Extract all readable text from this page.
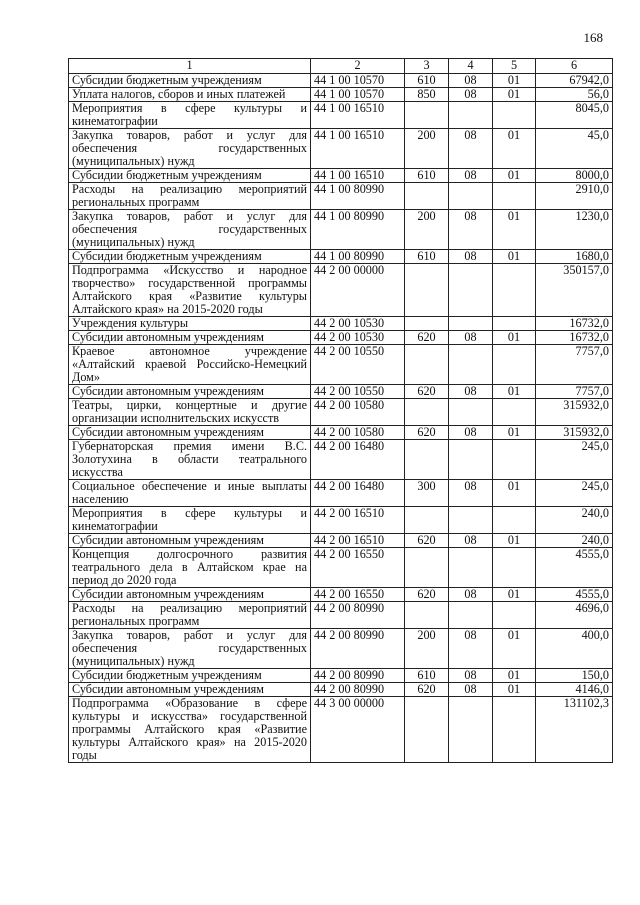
168
1	2	3	4	5	6
Субсидии бюджетным учреждениям	44 1 00 10570	610	08	01	67942,0
Уплата налогов, сборов и иных платежей	44 1 00 10570	850	08	01	56,0
Мероприятия в сфере культуры и кинематографии	44 1 00 16510				8045,0
Закупка товаров, работ и услуг для обеспечения государственных (муниципальных) нужд	44 1 00 16510	200	08	01	45,0
Субсидии бюджетным учреждениям	44 1 00 16510	610	08	01	8000,0
Расходы на реализацию мероприятий региональных программ	44 1 00 80990				2910,0
Закупка товаров, работ и услуг для обеспечения государственных (муниципальных) нужд	44 1 00 80990	200	08	01	1230,0
Субсидии бюджетным учреждениям	44 1 00 80990	610	08	01	1680,0
Подпрограмма «Искусство и народное творчество» государственной программы Алтайского края «Развитие культуры Алтайского края» на 2015-2020 годы	44 2 00 00000				350157,0
Учреждения культуры	44 2 00 10530				16732,0
Субсидии автономным учреждениям	44 2 00 10530	620	08	01	16732,0
Краевое автономное учреждение «Алтайский краевой Российско-Немецкий Дом»	44 2 00 10550				7757,0
Субсидии автономным учреждениям	44 2 00 10550	620	08	01	7757,0
Театры, цирки, концертные и другие организации исполнительских искусств	44 2 00 10580				315932,0
Субсидии автономным учреждениям	44 2 00 10580	620	08	01	315932,0
Губернаторская премия имени В.С. Золотухина в области театрального искусства	44 2 00 16480				245,0
Социальное обеспечение и иные выплаты населению	44 2 00 16480	300	08	01	245,0
Мероприятия в сфере культуры и кинематографии	44 2 00 16510				240,0
Субсидии автономным учреждениям	44 2 00 16510	620	08	01	240,0
Концепция долгосрочного развития театрального дела в Алтайском крае на период до 2020 года	44 2 00 16550				4555,0
Субсидии автономным учреждениям	44 2 00 16550	620	08	01	4555,0
Расходы на реализацию мероприятий региональных программ	44 2 00 80990				4696,0
Закупка товаров, работ и услуг для обеспечения государственных (муниципальных) нужд	44 2 00 80990	200	08	01	400,0
Субсидии бюджетным учреждениям	44 2 00 80990	610	08	01	150,0
Субсидии автономным учреждениям	44 2 00 80990	620	08	01	4146,0
Подпрограмма «Образование в сфере культуры и искусства» государственной программы Алтайского края «Развитие культуры Алтайского края» на 2015-2020 годы	44 3 00 00000				131102,3
